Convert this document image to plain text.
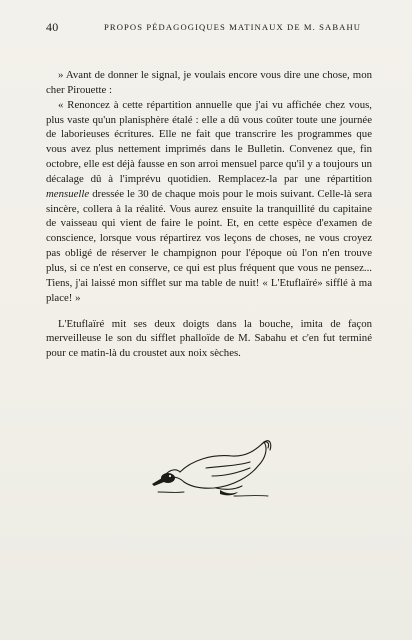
40	PROPOS PÉDAGOGIQUES MATINAUX DE M. SABAHU

» Avant de donner le signal, je voulais encore vous dire une chose, mon cher Pirouette :

« Renoncez à cette répartition annuelle que j'ai vu affichée chez vous, plus vaste qu'un planisphère étalé : elle a dû vous coûter toute une journée de laborieuses écritures. Elle ne fait que transcrire les programmes que vous avez plus nettement imprimés dans le Bulletin. Convenez que, fin octobre, elle est déjà fausse en son arroi mensuel parce qu'il y a toujours un décalage dû à l'imprévu quotidien. Remplacez-la par une répartition mensuelle dressée le 30 de chaque mois pour le mois suivant. Celle-là sera sincère, collera à la réalité. Vous aurez ensuite la tranquillité du capitaine de vaisseau qui vient de faire le point. Et, en cette espèce d'examen de conscience, lorsque vous répartirez vos leçons de choses, ne vous croyez pas obligé de réserver le champignon pour l'époque où l'on n'en trouve plus, si ce n'est en conserve, ce qui est plus fréquent que vous ne pensez... Tiens, j'ai laissé mon sifflet sur ma table de nuit! « L'Etuflaïré» sifflé à ma place! »

L'Etuflaïré mit ses deux doigts dans la bouche, imita de façon merveilleuse le son du sifflet phalloïde de M. Sabahu et c'en fut terminé pour ce matin-là du croustet aux noix sèches.
